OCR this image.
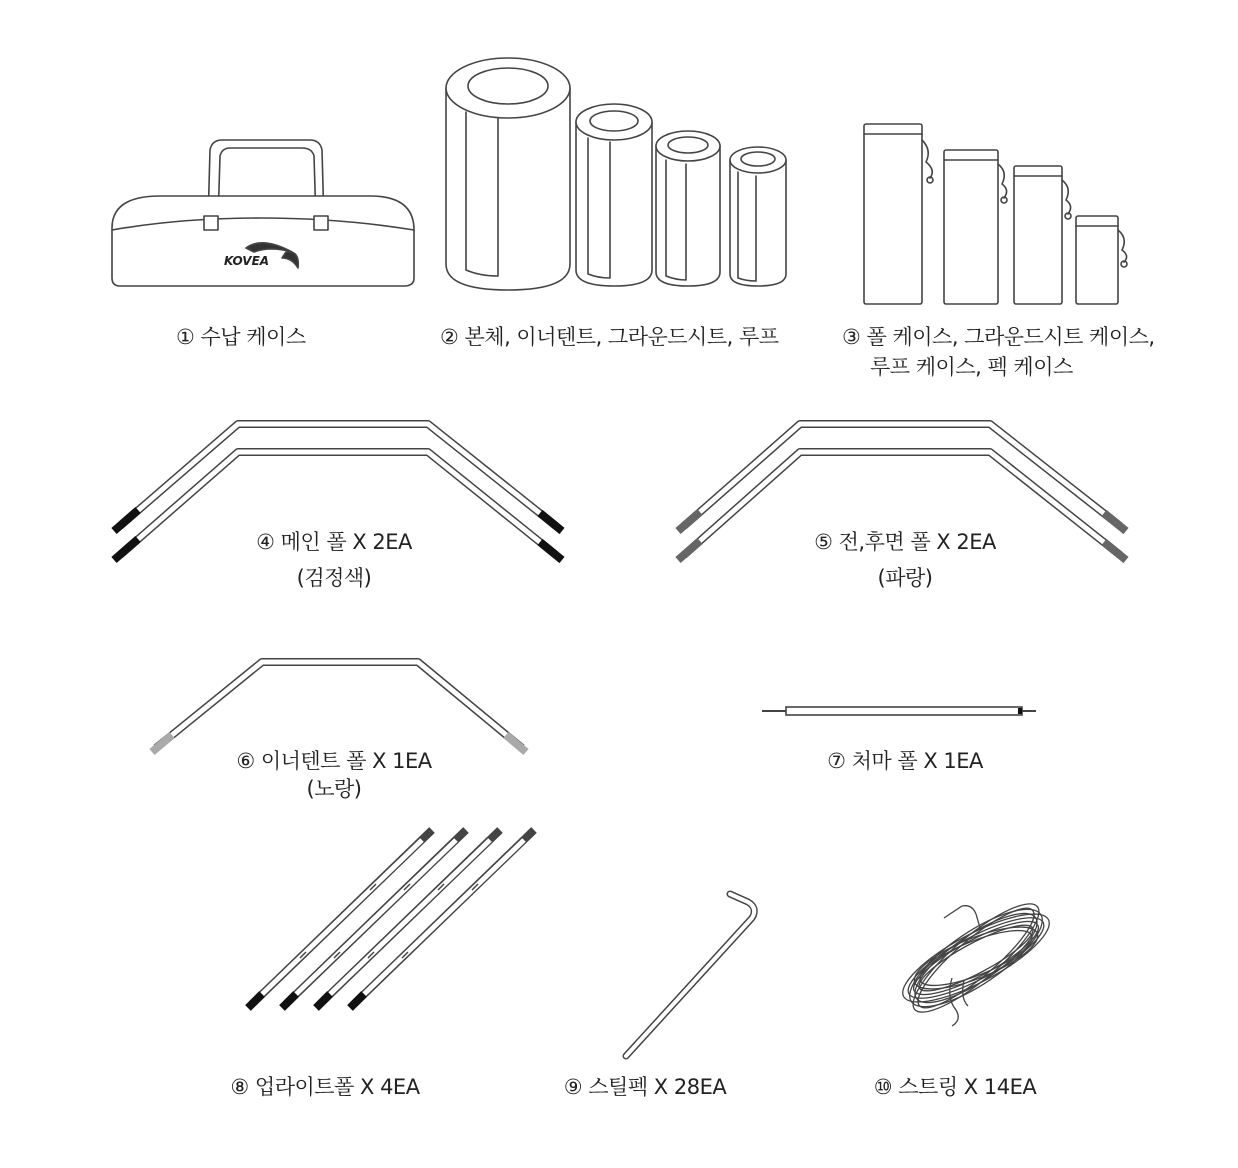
KOVEA
① 수납 케이스	② 본체, 이너텐트, 그라운드시트, 루프	③ 폴 케이스, 그라운드시트 케이스,
루프 케이스, 펙 케이스
④ 메인 폴 X 2EA
(검정색)
⑤ 전,후면 폴 X 2EA
(파랑)
⑥ 이너텐트 폴 X 1EA
(노랑)
⑦ 처마 폴 X 1EA
⑧ 업라이트폴 X 4EA	⑨ 스틸펙 X 28EA	⑩ 스트링 X 14EA
